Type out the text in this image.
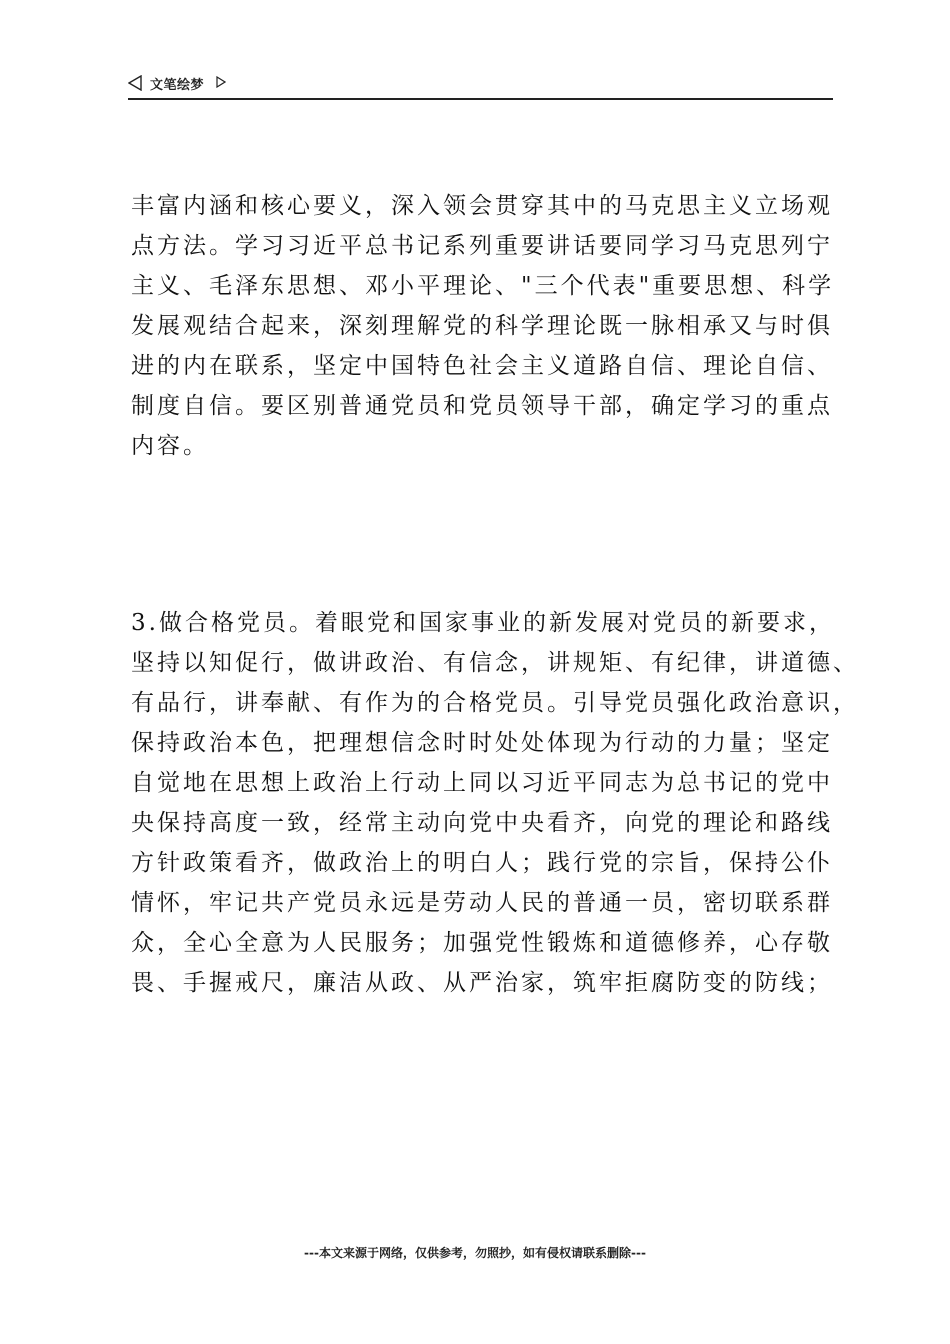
文笔绘梦
丰富内涵和核心要义，深入领会贯穿其中的马克思主义立场观
点方法。学习习近平总书记系列重要讲话要同学习马克思列宁
主义、毛泽东思想、邓小平理论、"三个代表"重要思想、科学
发展观结合起来，深刻理解党的科学理论既一脉相承又与时俱
进的内在联系，坚定中国特色社会主义道路自信、理论自信、
制度自信。要区别普通党员和党员领导干部，确定学习的重点
内容。
3.做合格党员。着眼党和国家事业的新发展对党员的新要求，
坚持以知促行，做讲政治、有信念，讲规矩、有纪律，讲道德、
有品行，讲奉献、有作为的合格党员。引导党员强化政治意识，
保持政治本色，把理想信念时时处处体现为行动的力量；坚定
自觉地在思想上政治上行动上同以习近平同志为总书记的党中
央保持高度一致，经常主动向党中央看齐，向党的理论和路线
方针政策看齐，做政治上的明白人；践行党的宗旨，保持公仆
情怀，牢记共产党员永远是劳动人民的普通一员，密切联系群
众，全心全意为人民服务；加强党性锻炼和道德修养，心存敬
畏、手握戒尺，廉洁从政、从严治家，筑牢拒腐防变的防线；
---本文来源于网络，仅供参考，勿照抄，如有侵权请联系删除---
